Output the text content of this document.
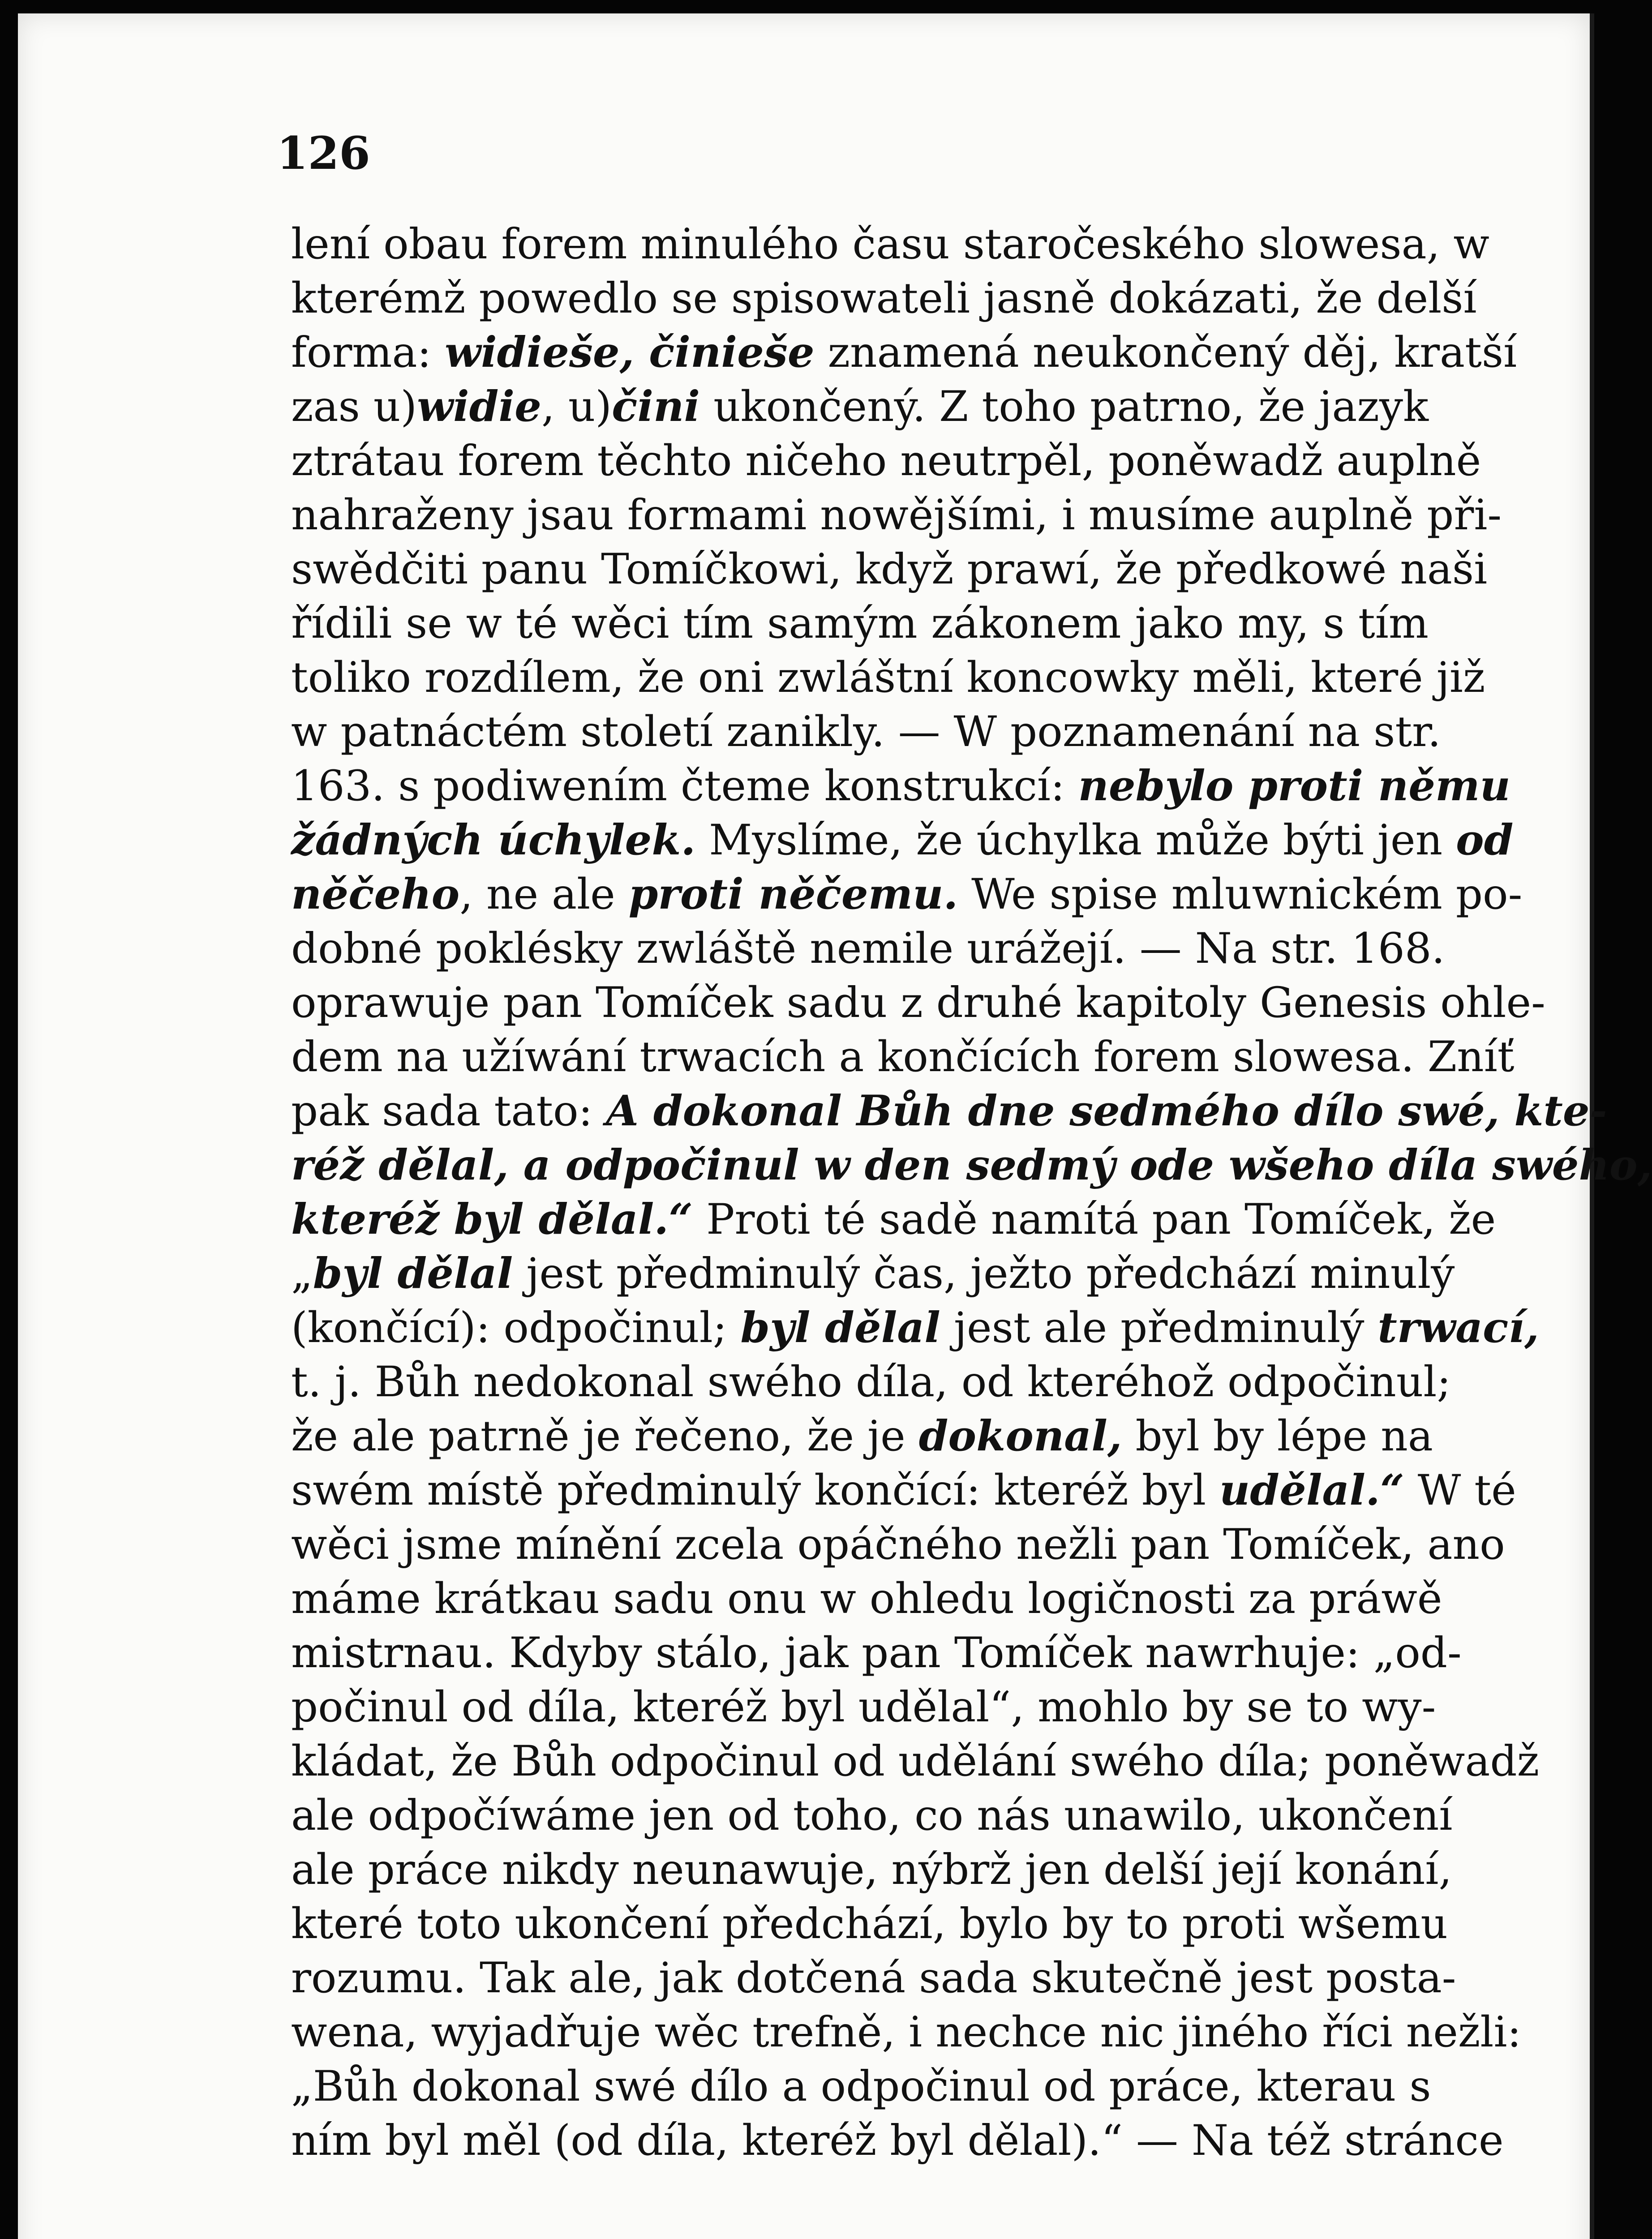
126
lení obau forem minulého času staročeského slowesa, w
kterémž powedlo se spisowateli jasně dokázati, že delší
forma: widieše, činieše znamená neukončený děj, kratší
zas u)widie, u)čini ukončený. Z toho patrno, že jazyk
ztrátau forem těchto ničeho neutrpěl, poněwadž auplně
nahraženy jsau formami nowějšími, i musíme auplně při-
swědčiti panu Tomíčkowi, když prawí, že předkowé naši
řídili se w té wěci tím samým zákonem jako my, s tím
toliko rozdílem, že oni zwláštní koncowky měli, které již
w patnáctém století zanikly. — W poznamenání na str.
163. s podiwením čteme konstrukcí: nebylo proti němu
žádných úchylek. Myslíme, že úchylka může býti jen od
něčeho, ne ale proti něčemu. We spise mluwnickém po-
dobné poklésky zwláště nemile urážejí. — Na str. 168.
oprawuje pan Tomíček sadu z druhé kapitoly Genesis ohle-
dem na užíwání trwacích a končících forem slowesa. Zníť
pak sada tato: A dokonal Bůh dne sedmého dílo swé, kte-
réž dělal, a odpočinul w den sedmý ode wšeho díla swého,
kteréž byl dělal.“ Proti té sadě namítá pan Tomíček, že
„byl dělal jest předminulý čas, ježto předchází minulý
(končící): odpočinul; byl dělal jest ale předminulý trwací,
t. j. Bůh nedokonal swého díla, od kteréhož odpočinul;
že ale patrně je řečeno, že je dokonal, byl by lépe na
swém místě předminulý končící: kteréž byl udělal.“ W té
wěci jsme mínění zcela opáčného nežli pan Tomíček, ano
máme krátkau sadu onu w ohledu logičnosti za práwě
mistrnau. Kdyby stálo, jak pan Tomíček nawrhuje: „od-
počinul od díla, kteréž byl udělal“, mohlo by se to wy-
kládat, že Bůh odpočinul od udělání swého díla; poněwadž
ale odpočíwáme jen od toho, co nás unawilo, ukončení
ale práce nikdy neunawuje, nýbrž jen delší její konání,
které toto ukončení předchází, bylo by to proti wšemu
rozumu. Tak ale, jak dotčená sada skutečně jest posta-
wena, wyjadřuje wěc trefně, i nechce nic jiného říci nežli:
„Bůh dokonal swé dílo a odpočinul od práce, kterau s
ním byl měl (od díla, kteréž byl dělal).“ — Na též stránce
